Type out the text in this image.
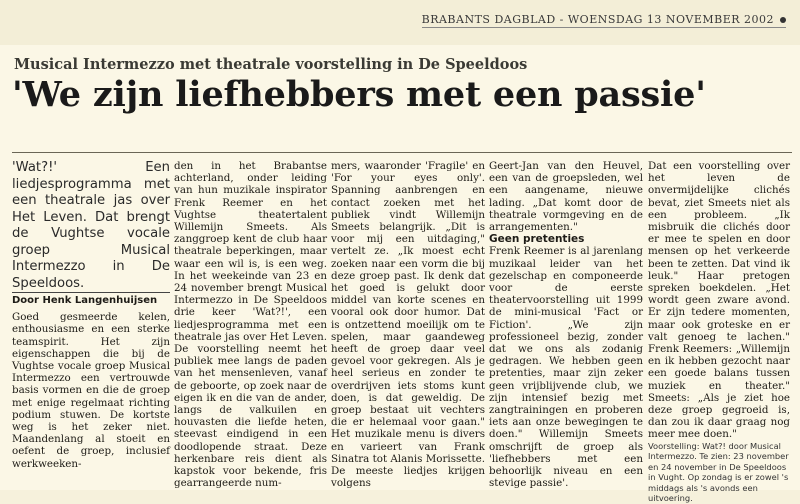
BRABANTS DAGBLAD - WOENSDAG 13 NOVEMBER 2002
Musical Intermezzo met theatrale voorstelling in De Speeldoos
'We zijn liefhebbers met een passie'

'Wat?!' Een liedjesprogramma met een theatrale jas over Het Leven. Dat brengt de Vughtse vocale groep Musical Intermezzo in De Speeldoos.

Door Henk Langenhuijsen

Goed gesmeerde kelen, enthousiasme en een sterke teamspirit. Het zijn eigenschappen die bij de Vughtse vocale groep Musical Intermezzo een vertrouwde basis vormen en die de groep met enige regelmaat richting podium stuwen. De kortste weg is het zeker niet. Maandenlang al stoeit en oefent de groep, inclusief werkweeken-

den in het Brabantse achterland, onder leiding van hun muzikale inspirator Frenk Reemer en het Vughtse theatertalent Willemijn Smeets. Als zanggroep kent de club haar theatrale beperkingen, maar waar een wil is, is een weg. In het weekeinde van 23 en 24 november brengt Musical Intermezzo in De Speeldoos drie keer 'Wat?!', een liedjesprogramma met een theatrale jas over Het Leven. De voorstelling neemt het publiek mee langs de paden van het mensenleven, vanaf de geboorte, op zoek naar de eigen ik en die van de ander, langs de valkuilen en houvasten die liefde heten, steevast eindigend in een doodlopende straat. Deze herkenbare reis dient als kapstok voor bekende, fris gearrangeerde num-

mers, waaronder 'Fragile' en 'For your eyes only'. Spanning aanbrengen en contact zoeken met het publiek vindt Willemijn Smeets belangrijk. „Dit is voor mij een uitdaging," vertelt ze. „Ik moest echt zoeken naar een vorm die bij deze groep past. Ik denk dat het goed is gelukt door middel van korte scenes en vooral ook door humor. Dat is ontzettend moeilijk om te spelen, maar gaandeweg heeft de groep daar veel gevoel voor gekregen. Als je heel serieus en zonder te overdrijven iets stoms kunt doen, is dat geweldig. De groep bestaat uit vechters die er helemaal voor gaan." Het muzikale menu is divers en varieert van Frank Sinatra tot Alanis Morissette. De meeste liedjes krijgen volgens

Geert-Jan van den Heuvel, een van de groepsleden, wel een aangename, nieuwe lading. „Dat komt door de theatrale vormgeving en de arrangementen."

Geen pretenties

Frenk Reemer is al jarenlang muzikaal leider van het gezelschap en componeerde voor de eerste theatervoorstelling uit 1999 de mini-musical 'Fact or Fiction'. „We zijn professioneel bezig, zonder dat we ons als zodanig gedragen. We hebben geen pretenties, maar zijn zeker geen vrijblijvende club, we zijn intensief bezig met zangtrainingen en proberen iets aan onze bewegingen te doen." Willemijn Smeets omschrijft de groep als 'liefhebbers met een behoorlijk niveau en een stevige passie'.

Dat een voorstelling over het leven de onvermijdelijke clichés bevat, ziet Smeets niet als een probleem. „Ik misbruik die clichés door er mee te spelen en door mensen op het verkeerde been te zetten. Dat vind ik leuk." Haar pretogen spreken boekdelen. „Het wordt geen zware avond. Er zijn tedere momenten, maar ook groteske en er valt genoeg te lachen." Frenk Reemers: „Willemijn en ik hebben gezocht naar een goede balans tussen muziek en theater." Smeets: „Als je ziet hoe deze groep gegroeid is, dan zou ik daar graag nog meer mee doen."

Voorstelling: Wat?! door Musical Intermezzo. Te zien: 23 november en 24 november in De Speeldoos in Vught. Op zondag is er zowel 's middags als 's avonds een uitvoering.
